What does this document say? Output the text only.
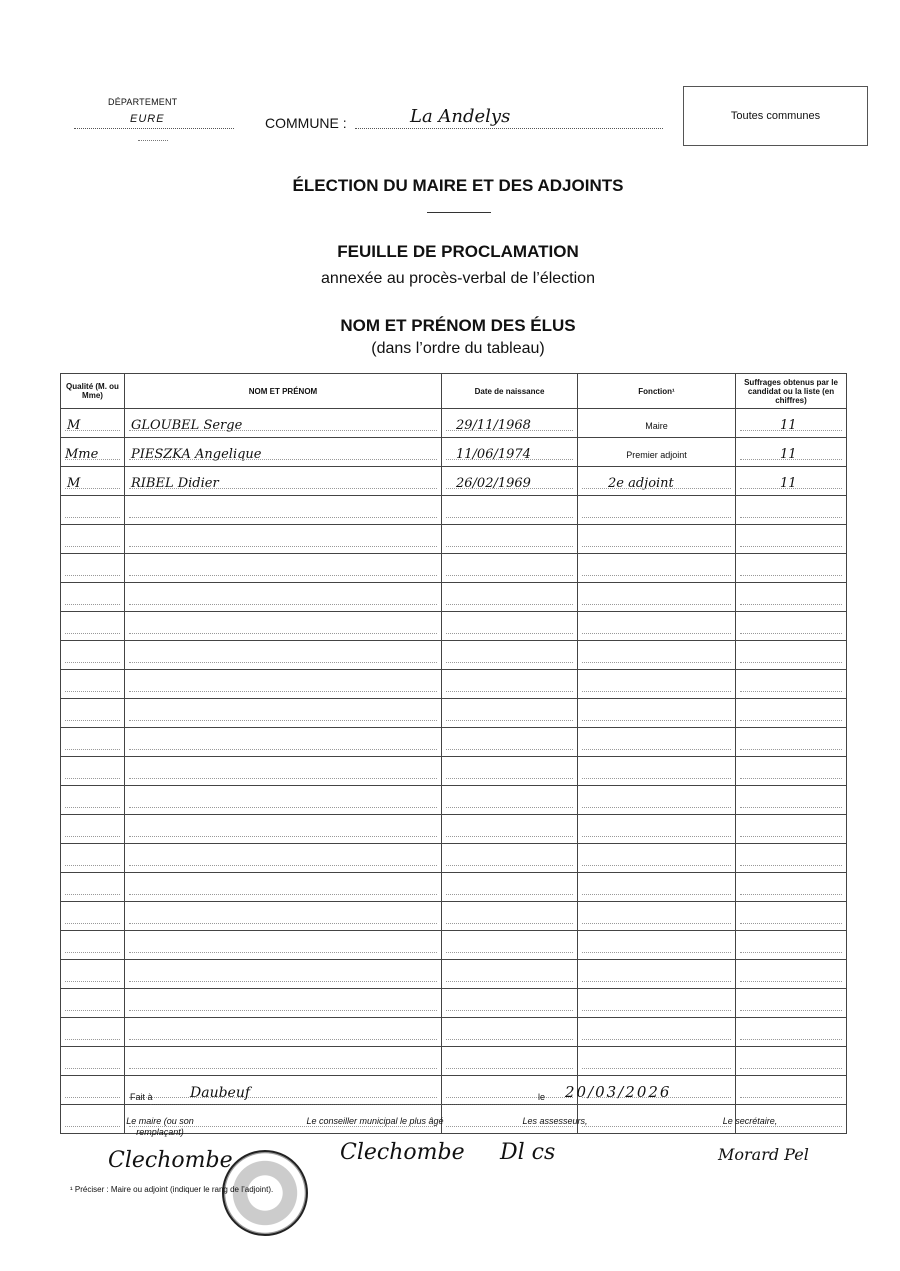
DÉPARTEMENT
EURE	COMMUNE :	La Andelys	Toutes communes
ÉLECTION DU MAIRE ET DES ADJOINTS
FEUILLE DE PROCLAMATION
annexée au procès-verbal de l’élection
NOM ET PRÉNOM DES ÉLUS
(dans l’ordre du tableau)
Qualité (M. ou Mme)	NOM ET PRÉNOM	Date de naissance	Fonction¹	Suffrages obtenus par le candidat ou la liste (en chiffres)

M	GLOUBEL Serge	29/11/1968	Maire	11

Mme	PIESZKA Angelique	11/06/1974	Premier adjoint	11

M	RIBEL Didier	26/02/1969	2e adjoint	11

Fait à	Daubeuf	le 20/03/2026
Le maire (ou son remplaçant)
Le conseiller municipal le plus âgé	Les assesseurs,	Le secrétaire,
Clechombe	Clechombe Dl cs	Morard Pel
¹ Préciser : Maire ou adjoint (indiquer le rang de l’adjoint).
